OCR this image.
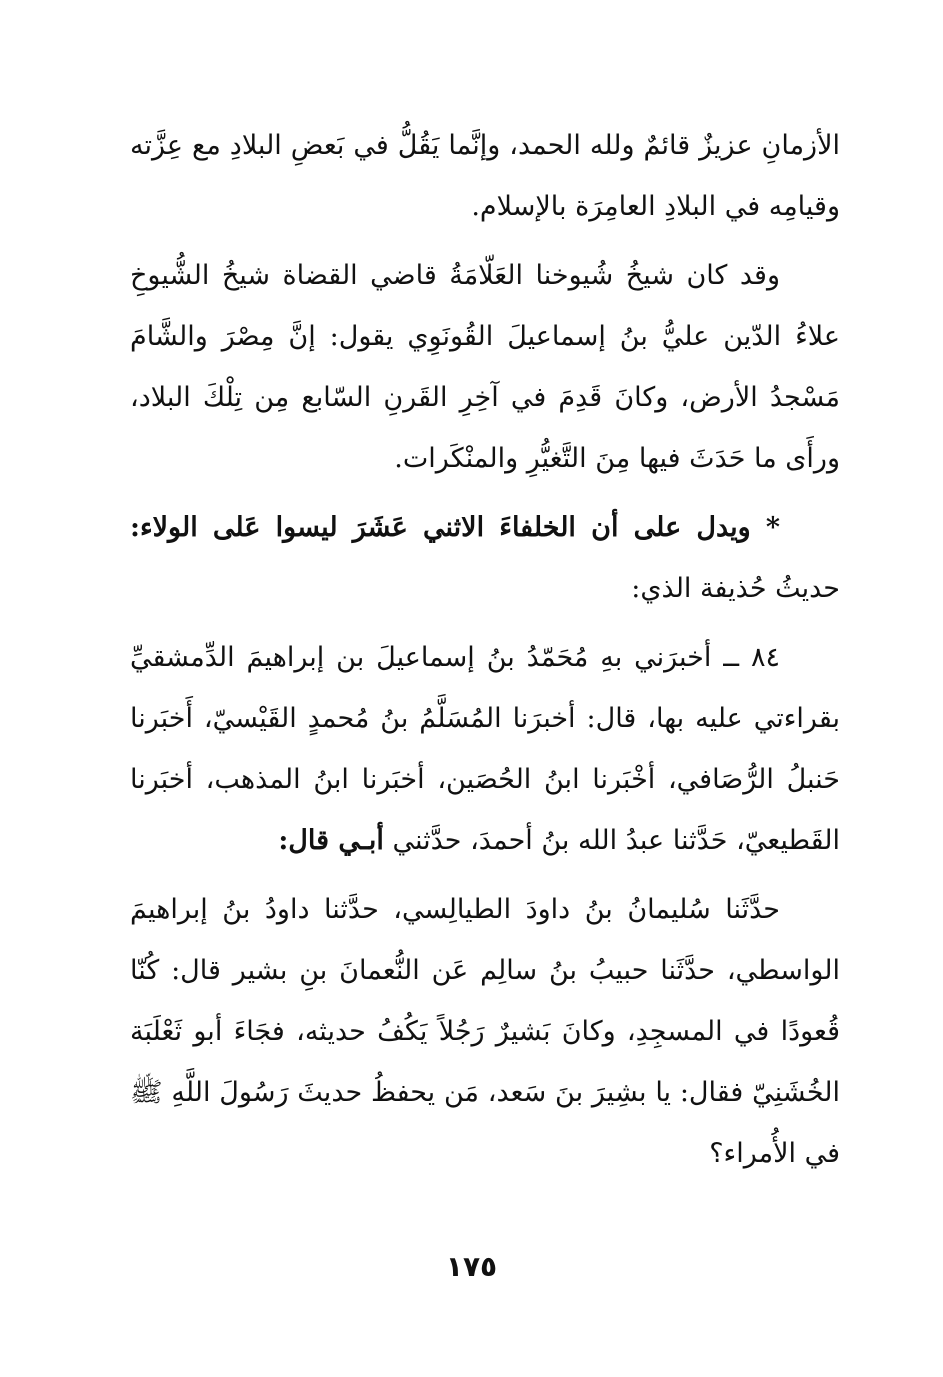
الأزمانِ عزيزٌ قائمٌ ولله الحمد، وإنَّما يَقُلُّ في بَعضِ البلادِ مع عِزَّته وقيامِه في البلادِ العامِرَة بالإسلام.

وقد كان شيخُ شُيوخنا العَلّامَةُ قاضي القضاة شيخُ الشُّيوخِ علاءُ الدّين عليُّ بنُ إسماعيلَ القُونَوِي يقول: إنَّ مِصْرَ والشَّامَ مَسْجدُ الأرض، وكانَ قَدِمَ في آخِرِ القَرنِ السّابع مِن تِلْكَ البلاد، ورأَى ما حَدَثَ فيها مِنَ التَّغيُّرِ والمنْكَرات.

* ويدل على أن الخلفاءَ الاثني عَشَرَ ليسوا عَلى الولاء: حديثُ حُذيفة الذي:

٨٤ ــ أخبرَني بهِ مُحَمّدُ بنُ إسماعيلَ بن إبراهيمَ الدِّمشقيِّ بقراءتي عليه بها، قال: أخبرَنا المُسَلَّمُ بنُ مُحمدٍ القَيْسيّ، أَخبَرنا حَنبلُ الرُّصَافي، أخْبَرنا ابنُ الحُصَين، أخبَرنا ابنُ المذهب، أخبَرنا القَطيعيّ، حَدَّثنا عبدُ الله بنُ أحمدَ، حدَّثني أبـي قال:

حدَّثَنا سُليمانُ بنُ داودَ الطيالِسي، حدَّثنا داودُ بنُ إبراهيمَ الواسطي، حدَّثَنا حبيبُ بنُ سالِم عَن النُّعمانَ بنِ بشير قال: كُنّا قُعودًا في المسجِدِ، وكانَ بَشيرٌ رَجُلاً يَكُفُ حديثه، فجَاءَ أبو ثَعْلَبَة الخُشَنِيّ فقال: يا بشِيرَ بنَ سَعد، مَن يحفظُ حديثَ رَسُولَ اللَّهِ ﷺ في الأُمراء؟

١٧٥
